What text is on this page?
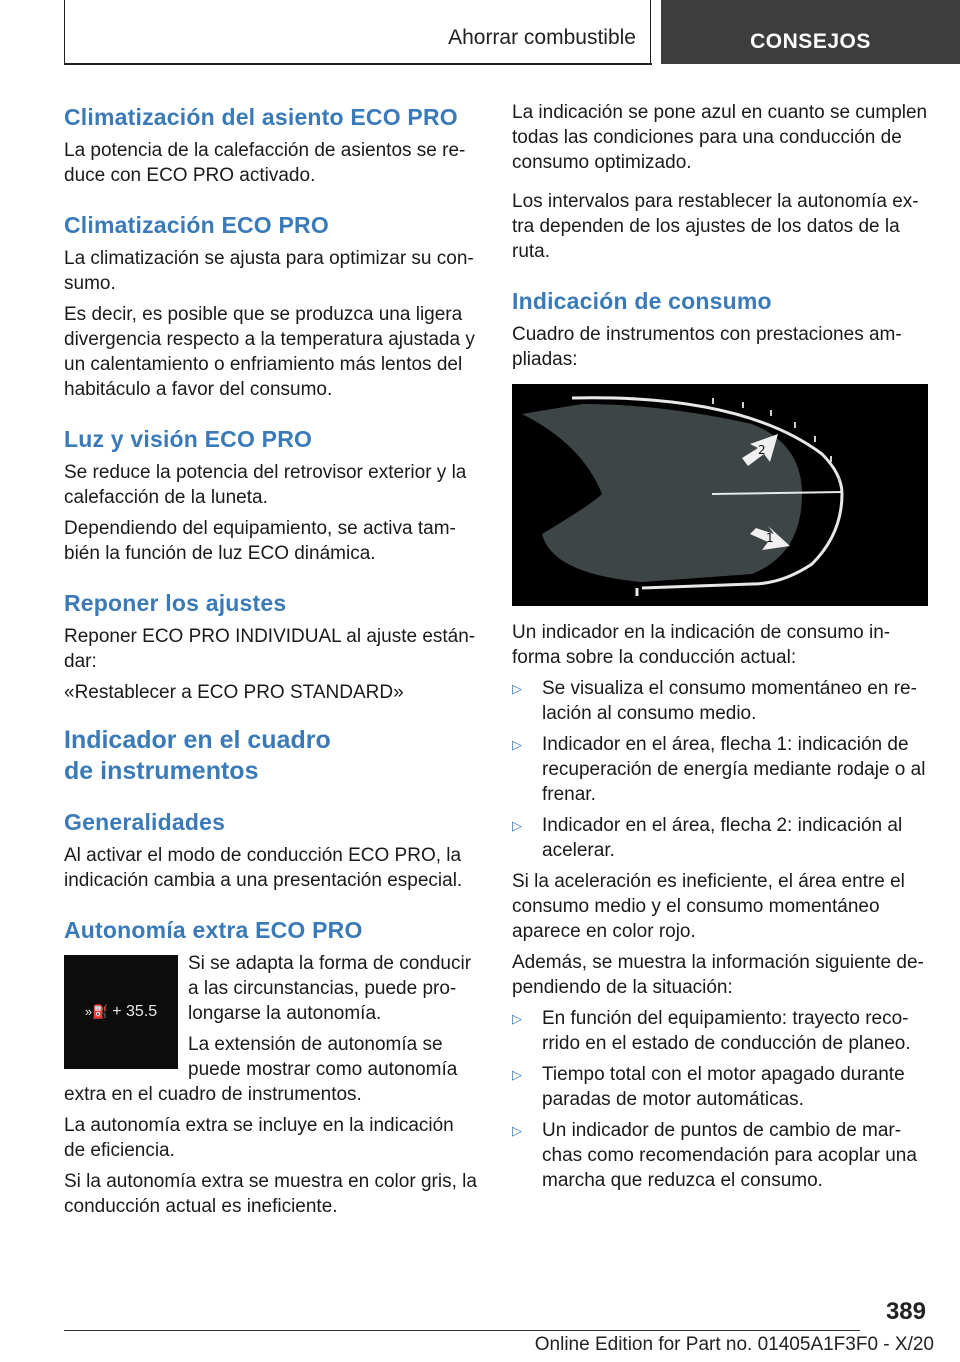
Ahorrar combustible	CONSEJOS
Climatización del asiento ECO PRO

La potencia de la calefacción de asientos se re-duce con ECO PRO activado.

Climatización ECO PRO

La climatización se ajusta para optimizar su con-sumo.

Es decir, es posible que se produzca una ligera divergencia respecto a la temperatura ajustada y un calentamiento o enfriamiento más lentos del habitáculo a favor del consumo.

Luz y visión ECO PRO

Se reduce la potencia del retrovisor exterior y la calefacción de la luneta.

Dependiendo del equipamiento, se activa tam-bién la función de luz ECO dinámica.

Reponer los ajustes

Reponer ECO PRO INDIVIDUAL al ajuste están-dar:

«Restablecer a ECO PRO STANDARD»

Indicador en el cuadro
de instrumentos
Generalidades

Al activar el modo de conducción ECO PRO, la indicación cambia a una presentación especial.

Autonomía extra ECO PRO
»⛽ + 35.5

Si se adapta la forma de conducir a las circunstancias, puede pro-longarse la autonomía.

La extensión de autonomía se puede mostrar como autonomía

extra en el cuadro de instrumentos.

La autonomía extra se incluye en la indicación de eficiencia.

Si la autonomía extra se muestra en color gris, la conducción actual es ineficiente.

La indicación se pone azul en cuanto se cumplen todas las condiciones para una conducción de consumo optimizado.

Los intervalos para restablecer la autonomía ex-tra dependen de los ajustes de los datos de la ruta.

Indicación de consumo

Cuadro de instrumentos con prestaciones am-pliadas:

2
1

Un indicador en la indicación de consumo in-forma sobre la conducción actual:

▷ Se visualiza el consumo momentáneo en re-lación al consumo medio.
▷ Indicador en el área, flecha 1: indicación de recuperación de energía mediante rodaje o al frenar.
▷ Indicador en el área, flecha 2: indicación al acelerar.

Si la aceleración es ineficiente, el área entre el consumo medio y el consumo momentáneo aparece en color rojo.

Además, se muestra la información siguiente de-pendiendo de la situación:

▷ En función del equipamiento: trayecto reco-rrido en el estado de conducción de planeo.
▷ Tiempo total con el motor apagado durante paradas de motor automáticas.
▷ Un indicador de puntos de cambio de mar-chas como recomendación para acoplar una marcha que reduzca el consumo.
389
Online Edition for Part no. 01405A1F3F0 - X/20
